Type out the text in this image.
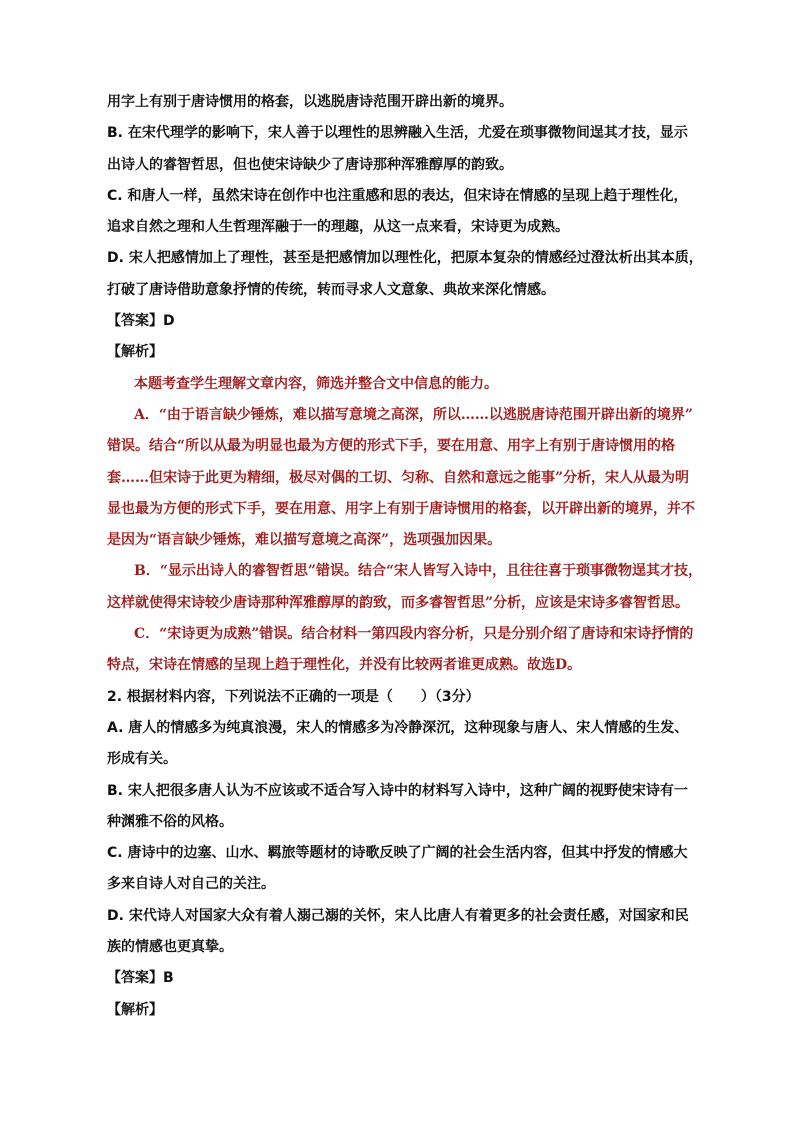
用字上有别于唐诗惯用的格套，以逃脱唐诗范围开辟出新的境界。
B. 在宋代理学的影响下，宋人善于以理性的思辨融入生活，尤爱在琐事微物间逞其才技，显示
出诗人的睿智哲思，但也使宋诗缺少了唐诗那种浑雅醇厚的韵致。
C. 和唐人一样，虽然宋诗在创作中也注重感和思的表达，但宋诗在情感的呈现上趋于理性化，
追求自然之理和人生哲理浑融于一的理趣，从这一点来看，宋诗更为成熟。
D. 宋人把感情加上了理性，甚至是把感情加以理性化，把原本复杂的情感经过澄汰析出其本质，
打破了唐诗借助意象抒情的传统，转而寻求人文意象、典故来深化情感。
【答案】D
【解析】
本题考查学生理解文章内容，筛选并整合文中信息的能力。
A．“由于语言缺少锤炼，难以描写意境之高深，所以……以逃脱唐诗范围开辟出新的境界”
错误。结合“所以从最为明显也最为方便的形式下手，要在用意、用字上有别于唐诗惯用的格
套……但宋诗于此更为精细，极尽对偶的工切、匀称、自然和意远之能事”分析，宋人从最为明
显也最为方便的形式下手，要在用意、用字上有别于唐诗惯用的格套，以开辟出新的境界，并不
是因为“语言缺少锤炼，难以描写意境之高深”，选项强加因果。
B．“显示出诗人的睿智哲思”错误。结合“宋人皆写入诗中，且往往喜于琐事微物逞其才技，
这样就使得宋诗较少唐诗那种浑雅醇厚的韵致，而多睿智哲思”分析，应该是宋诗多睿智哲思。
C．“宋诗更为成熟”错误。结合材料一第四段内容分析，只是分别介绍了唐诗和宋诗抒情的
特点，宋诗在情感的呈现上趋于理性化，并没有比较两者谁更成熟。故选D。
2. 根据材料内容，下列说法不正确的一项是（　　）（3分）
A. 唐人的情感多为纯真浪漫，宋人的情感多为冷静深沉，这种现象与唐人、宋人情感的生发、
形成有关。
B. 宋人把很多唐人认为不应该或不适合写入诗中的材料写入诗中，这种广阔的视野使宋诗有一
种渊雅不俗的风格。
C. 唐诗中的边塞、山水、羁旅等题材的诗歌反映了广阔的社会生活内容，但其中抒发的情感大
多来自诗人对自己的关注。
D. 宋代诗人对国家大众有着人溺己溺的关怀，宋人比唐人有着更多的社会责任感，对国家和民
族的情感也更真挚。
【答案】B
【解析】
